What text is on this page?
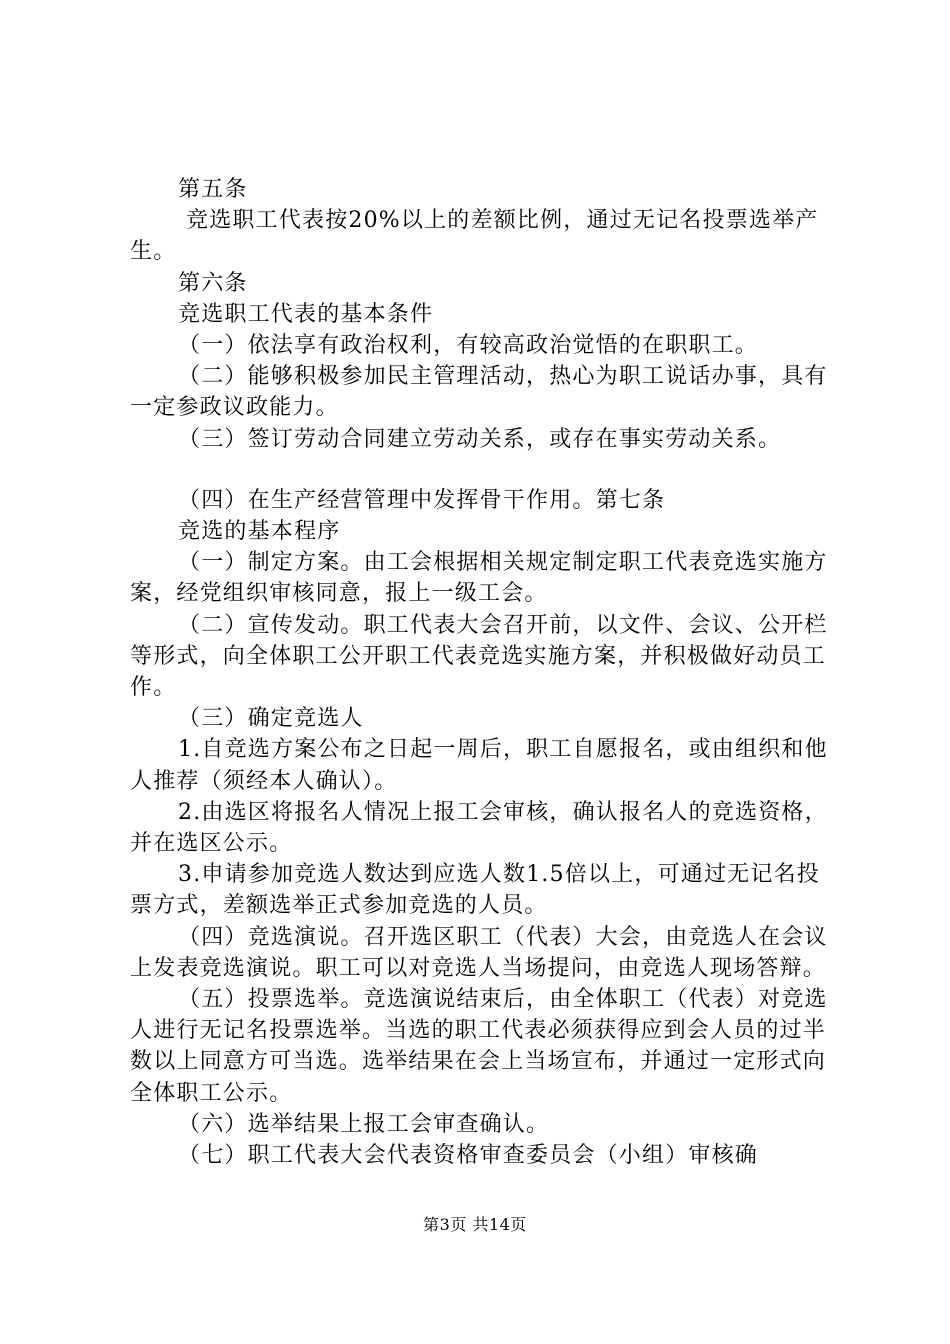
第五条

竞选职工代表按20%以上的差额比例，通过无记名投票选举产生。

第六条

竞选职工代表的基本条件

（一）依法享有政治权利，有较高政治觉悟的在职职工。

（二）能够积极参加民主管理活动，热心为职工说话办事，具有一定参政议政能力。

（三）签订劳动合同建立劳动关系，或存在事实劳动关系。

（四）在生产经营管理中发挥骨干作用。第七条

竞选的基本程序

（一）制定方案。由工会根据相关规定制定职工代表竞选实施方案，经党组织审核同意，报上一级工会。

（二）宣传发动。职工代表大会召开前，以文件、会议、公开栏等形式，向全体职工公开职工代表竞选实施方案，并积极做好动员工作。

（三）确定竞选人

1.自竞选方案公布之日起一周后，职工自愿报名，或由组织和他人推荐（须经本人确认）。

2.由选区将报名人情况上报工会审核，确认报名人的竞选资格，并在选区公示。

3.申请参加竞选人数达到应选人数1.5倍以上，可通过无记名投票方式，差额选举正式参加竞选的人员。

（四）竞选演说。召开选区职工（代表）大会，由竞选人在会议上发表竞选演说。职工可以对竞选人当场提问，由竞选人现场答辩。

（五）投票选举。竞选演说结束后，由全体职工（代表）对竞选人进行无记名投票选举。当选的职工代表必须获得应到会人员的过半数以上同意方可当选。选举结果在会上当场宣布，并通过一定形式向全体职工公示。

（六）选举结果上报工会审查确认。

（七）职工代表大会代表资格审查委员会（小组）审核确

第3页 共14页
